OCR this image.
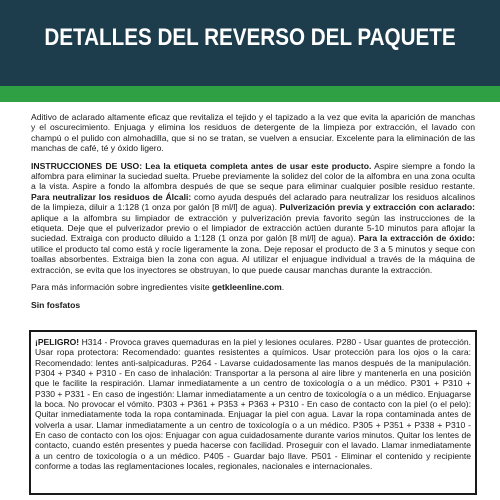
DETALLES DEL REVERSO DEL PAQUETE

Aditivo de aclarado altamente eficaz que revitaliza el tejido y el tapizado a la vez que evita la aparición de manchas y el oscurecimiento. Enjuaga y elimina los residuos de detergente de la limpieza por extracción, el lavado con champú o el pulido con almohadilla, que si no se tratan, se vuelven a ensuciar. Excelente para la eliminación de las manchas de café, té y óxido ligero.

INSTRUCCIONES DE USO: Lea la etiqueta completa antes de usar este producto. Aspire siempre a fondo la alfombra para eliminar la suciedad suelta. Pruebe previamente la solidez del color de la alfombra en una zona oculta a la vista. Aspire a fondo la alfombra después de que se seque para eliminar cualquier posible residuo restante. Para neutralizar los residuos de Álcali: como ayuda después del aclarado para neutralizar los residuos alcalinos de la limpieza, diluir a 1:128 (1 onza por galón [8 ml/l] de agua). Pulverización previa y extracción con aclarado: aplique a la alfombra su limpiador de extracción y pulverización previa favorito según las instrucciones de la etiqueta. Deje que el pulverizador previo o el limpiador de extracción actúen durante 5-10 minutos para aflojar la suciedad. Extraiga con producto diluido a 1:128 (1 onza por galón [8 ml/l] de agua). Para la extracción de óxido: utilice el producto tal como está y rocíe ligeramente la zona. Deje reposar el producto de 3 a 5 minutos y seque con toallas absorbentes. Extraiga bien la zona con agua. Al utilizar el enjuague individual a través de la máquina de extracción, se evita que los inyectores se obstruyan, lo que puede causar manchas durante la extracción.

Para más información sobre ingredientes visite getkleenline.com.

Sin fosfatos

¡PELIGRO! H314 - Provoca graves quemaduras en la piel y lesiones oculares. P280 - Usar guantes de protección. Usar ropa protectora: Recomendado: guantes resistentes a químicos. Usar protección para los ojos o la cara: Recomendado: lentes anti-salpicaduras. P264 - Lavarse cuidadosamente las manos después de la manipulación. P304 + P340 + P310 - En caso de inhalación: Transportar a la persona al aire libre y mantenerla en una posición que le facilite la respiración. Llamar inmediatamente a un centro de toxicología o a un médico. P301 + P310 + P330 + P331 - En caso de ingestión: Llamar inmediatamente a un centro de toxicología o a un médico. Enjuagarse la boca. No provocar el vómito. P303 + P361 + P353 + P363 + P310 - En caso de contacto con la piel (o el pelo): Quitar inmediatamente toda la ropa contaminada. Enjuagar la piel con agua. Lavar la ropa contaminada antes de volverla a usar. Llamar inmediatamente a un centro de toxicología o a un médico. P305 + P351 + P338 + P310 - En caso de contacto con los ojos: Enjuagar con agua cuidadosamente durante varios minutos. Quitar los lentes de contacto, cuando estén presentes y pueda hacerse con facilidad. Proseguir con el lavado. Llamar inmediatamente a un centro de toxicología o a un médico. P405 - Guardar bajo llave. P501 - Eliminar el contenido y recipiente conforme a todas las reglamentaciones locales, regionales, nacionales e internacionales.
